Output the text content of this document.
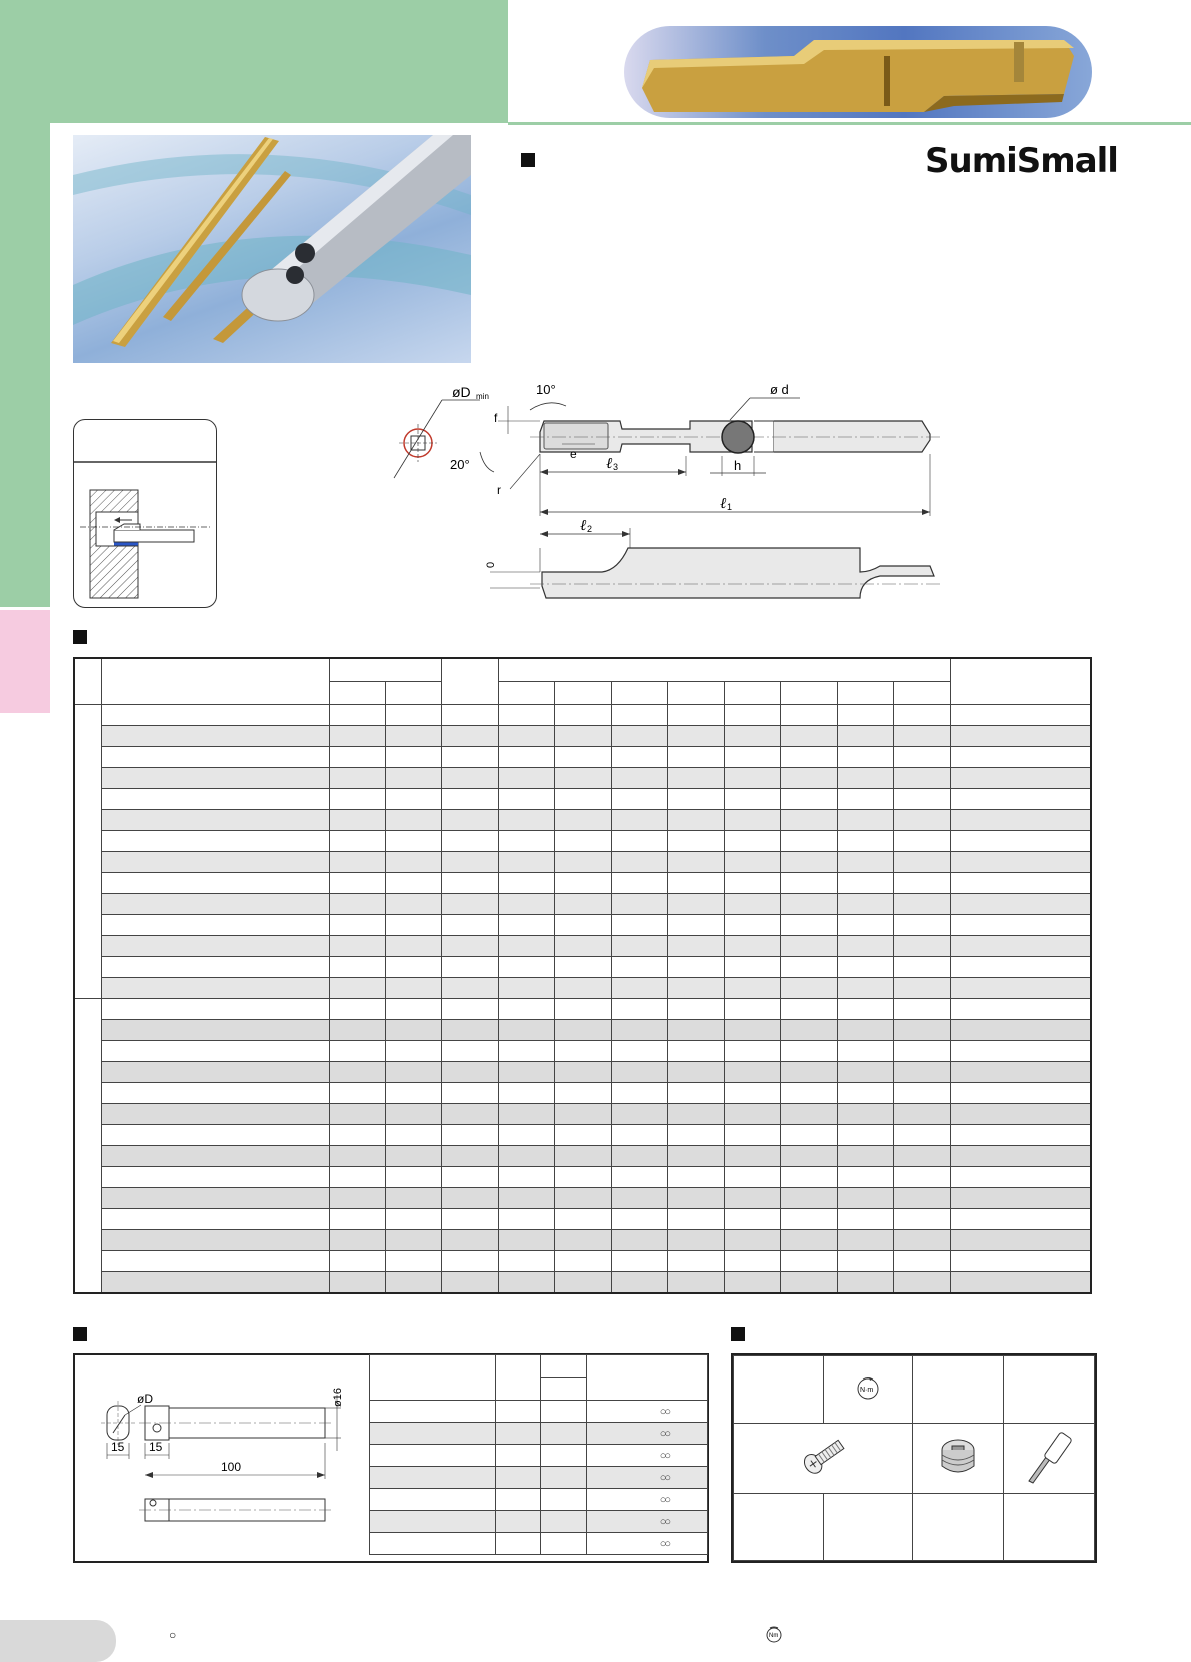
SumiSmall
øD min	ø d
10°
20°
f
e
r
ℓ 3	h
ℓ 1
ℓ 2
0

øD	ø16
15 15
100

			○○
			○○
			○○
			○○
			○○
			○○
			○○

N·m		

○	Nm
